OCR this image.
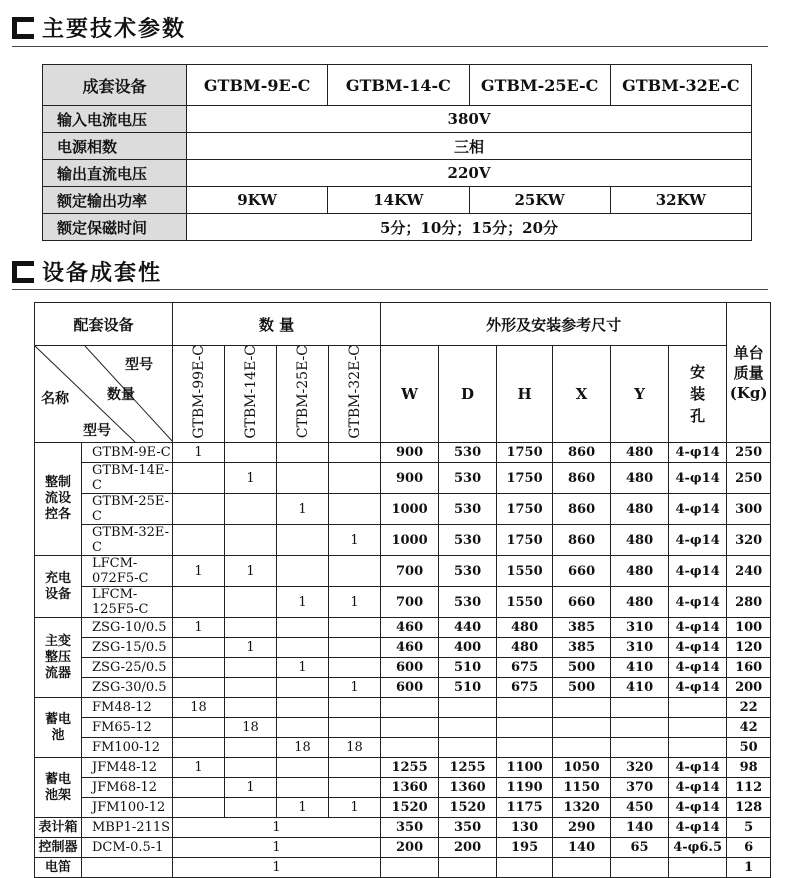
主要技术参数
成套设备	GTBM-9E-C	GTBM-14-C	GTBM-25E-C	GTBM-32E-C
输入电流电压	380V			
电源相数	三相			
输出直流电压	220V			
额定输出功率	9KW	14KW	25KW	32KW
额定保磁时间	5分；10分；15分；20分			
设备成套性
配套设备		数 量				外形及安装参考尺寸						单台质量(Kg)

型号
数量
名称
型号		GTBM-99E-C	GTBM-14E-C	CTBM-25E-C	GTBM-32E-C	W	D	H	X	Y	安装孔	
整制流设控各	GTBM-9E-C	1				900	530	1750	860	480	4-φ14	250
	GTBM-14E-C		1			900	530	1750	860	480	4-φ14	250
	GTBM-25E-C			1		1000	530	1750	860	480	4-φ14	300
	GTBM-32E-C				1	1000	530	1750	860	480	4-φ14	320
充电设备	LFCM-072F5-C	1	1			700	530	1550	660	480	4-φ14	240
	LFCM-125F5-C			1	1	700	530	1550	660	480	4-φ14	280
主变整压流器	ZSG-10/0.5	1				460	440	480	385	310	4-φ14	100
	ZSG-15/0.5		1			460	400	480	385	310	4-φ14	120
	ZSG-25/0.5			1		600	510	675	500	410	4-φ14	160
	ZSG-30/0.5				1	600	510	675	500	410	4-φ14	200
蓄电池	FM48-12	18										22
	FM65-12		18									42
	FM100-12			18	18							50
蓄电池架	JFM48-12	1				1255	1255	1100	1050	320	4-φ14	98
	JFM68-12		1			1360	1360	1190	1150	370	4-φ14	112
	JFM100-12			1	1	1520	1520	1175	1320	450	4-φ14	128
表计箱	MBP1-211S	1				350	350	130	290	140	4-φ14	5
控制器	DCM-0.5-1	1				200	200	195	140	65	4-φ6.5	6
电笛		1										1
